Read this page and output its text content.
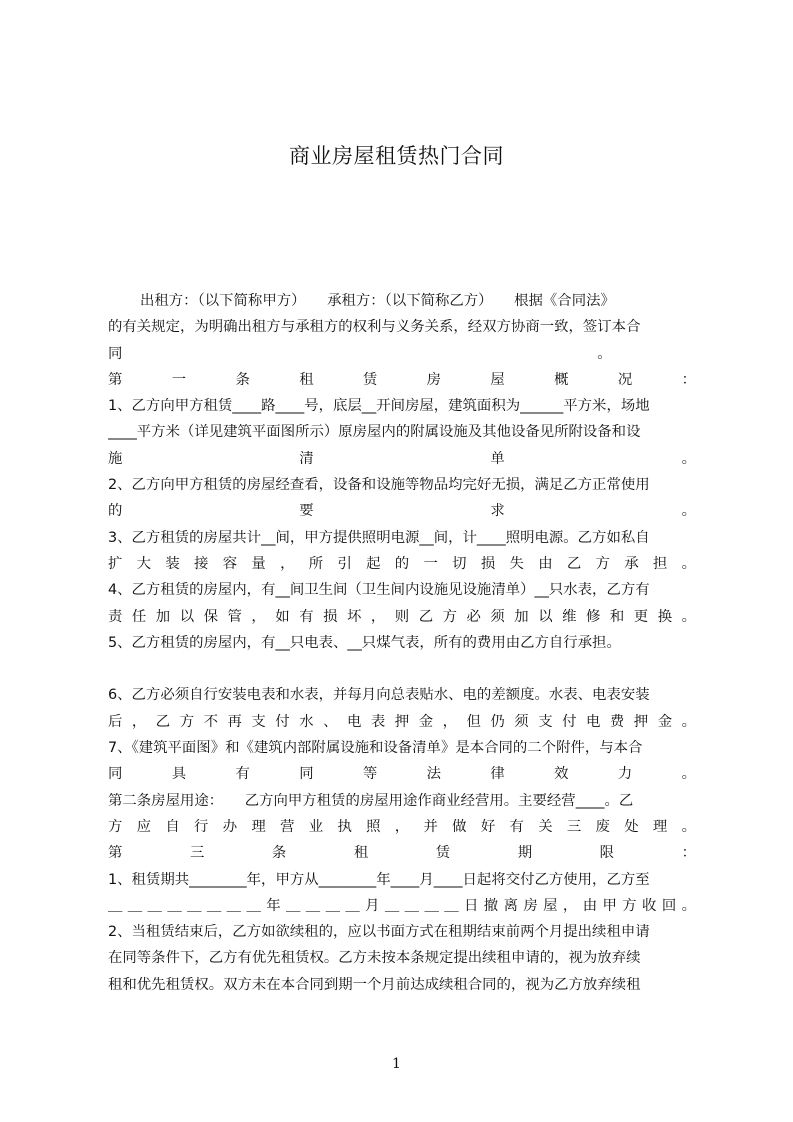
商业房屋租赁热门合同
出租方：（以下简称甲方）　　承租方：（以下简称乙方）　　根据《合同法》
的有关规定，为明确出租方与承租方的权利与义务关系，经双方协商一致，签订本合
同　　　　　　　　　　　　　　　　　　　　　　　　　　　　　　　　　。
第　一　条　租　赁　房　屋　概　况　：
1、乙方向甲方租赁____路____号，底层__开间房屋，建筑面积为______平方米，场地
____平方米（详见建筑平面图所示）原房屋内的附属设施及其他设备见所附设备和设
施　　　　　　　　清　　　　　　　　单　　　　　　　　。
2、乙方向甲方租赁的房屋经查看，设备和设施等物品均完好无损，满足乙方正常使用
的　　　　　　　　要　　　　　　　　求　　　　　　　　。
3、乙方租赁的房屋共计__间，甲方提供照明电源__间，计____照明电源。乙方如私自
扩大装接容量，所引起的一切损失由乙方承担。
4、乙方租赁的房屋内，有__间卫生间（卫生间内设施见设施清单）__只水表，乙方有
责任加以保管，如有损坏，则乙方必须加以维修和更换。
5、乙方租赁的房屋内，有__只电表、__只煤气表，所有的费用由乙方自行承担。
6、乙方必须自行安装电表和水表，并每月向总表贴水、电的差额度。水表、电表安装
后，乙方不再支付水、电表押金，但仍须支付电费押金。
7、《建筑平面图》和《建筑内部附属设施和设备清单》是本合同的二个附件，与本合
同　具　有　同　等　法　律　效　力　。
第二条房屋用途：　　乙方向甲方租赁的房屋用途作商业经营用。主要经营____。乙
方应自行办理营业执照，并做好有关三废处理。
第　三　条　租　赁　期　限　：
1、租赁期共________年，甲方从________年____月____日起将交付乙方使用，乙方至
＿＿＿＿＿＿＿＿年＿＿＿＿月＿＿＿＿日撤离房屋，由甲方收回。
2、当租赁结束后，乙方如欲续租的，应以书面方式在租期结束前两个月提出续租申请
在同等条件下，乙方有优先租赁权。乙方未按本条规定提出续租申请的，视为放弃续
租和优先租赁权。双方未在本合同到期一个月前达成续租合同的，视为乙方放弃续租
1
